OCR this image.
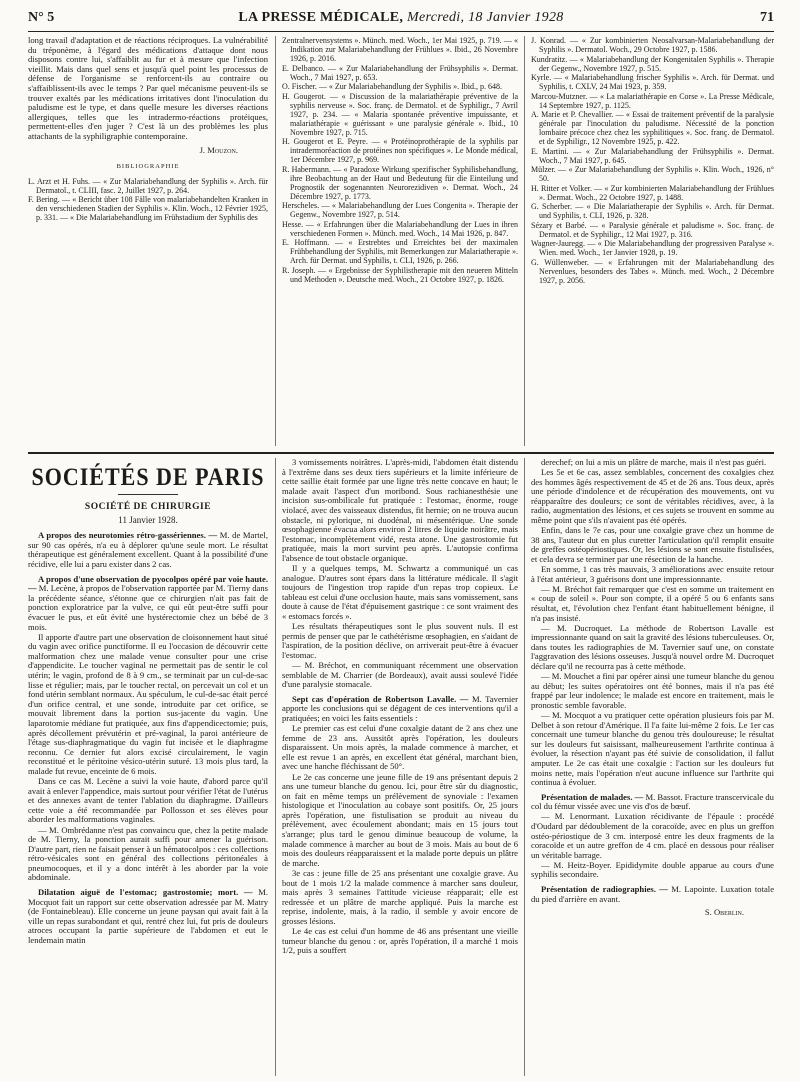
N° 5	LA PRESSE MÉDICALE, Mercredi, 18 Janvier 1928	71

long travail d'adaptation et de réactions réciproques. La vulnérabilité du tréponème, à l'égard des médications d'attaque dont nous disposons contre lui, s'affaiblit au fur et à mesure que l'infection vieillit. Mais dans quel sens et jusqu'à quel point les processus de défense de l'organisme se renforcent-ils au contraire ou s'affaiblissent-ils avec le temps ? Par quel mécanisme peuvent-ils se trouver exaltés par les médications irritatives dont l'inoculation du paludisme est le type, et dans quelle mesure les diverses réactions allergiques, telles que les intradermo-réactions protéiques, permettent-elles d'en juger ? C'est là un des problèmes les plus attachants de la syphiligraphie contemporaine.

J. Mouzon.
BIBLIOGRAPHIE

L. Arzt et H. Fuhs. — « Zur Malariabehandlung der Syphilis ». Arch. für Dermatol., t. CLIII, fasc. 2, Juillet 1927, p. 264.

F. Bering. — « Bericht über 108 Fälle von malariabehandelten Kranken in den verschiedenen Stadien der Syphilis ». Klin. Woch., 12 Février 1925, p. 331. — « Die Malariabehandlung im Frühstadium der Syphilis des

Zentralnervensystems ». Münch. med. Woch., 1er Mai 1925, p. 719. — « Indikation zur Malariabehandlung der Frühlues ». Ibid., 26 Novembre 1926, p. 2016.

E. Delbanco. — « Zur Malariabehandlung der Frühsyphilis ». Dermat. Woch., 7 Mai 1927, p. 653.

O. Fischer. — « Zur Malariabehandlung der Syphilis ». Ibid., p. 648.

H. Gougerot. — « Discussion de la malariathérapie préventive de la syphilis nerveuse ». Soc. franç. de Dermatol. et de Syphiligr., 7 Avril 1927, p. 234. — « Malaria spontanée préventive impuissante, et malariathérapie « guérissant » une paralysie générale ». Ibid., 10 Novembre 1927, p. 715.

H. Gougerot et E. Peyre. — « Protéinoprothérapie de la syphilis par intradermoréaction de protéines non spécifiques ». Le Monde médical, 1er Décembre 1927, p. 969.

R. Habermann. — « Paradoxe Wirkung spezifischer Syphilisbehandlung, ihre Beobachtung an der Haut und Bedeutung für die Einteilung und Prognostik der sogenannten Neurorezidiven ». Dermat. Woch., 24 Décembre 1927, p. 1773.

Herscheles. — « Malariabehandlung der Lues Congenita ». Therapie der Gegenw., Novembre 1927, p. 514.

Hesse. — « Erfahrungen über die Malariabehandlung der Lues in ihren verschiedenen Formen ». Münch. med. Woch., 14 Mai 1926, p. 847.

E. Hoffmann. — « Erstrebtes und Erreichtes bei der maximalen Frühbehandlung der Syphilis, mit Bemerkungen zur Malariatherapie ». Arch. für Dermat. und Syphilis, t. CLI, 1926, p. 266.

R. Joseph. — « Ergebnisse der Syphilistherapie mit den neueren Mitteln und Methoden ». Deutsche med. Woch., 21 Octobre 1927, p. 1826.

J. Konrad. — « Zur kombinierten Neosalvarsan-Malariabehandlung der Syphilis ». Dermatol. Woch., 29 Octobre 1927, p. 1586.

Kundratitz. — « Malariabehandlung der Kongenitalen Syphilis ». Therapie der Gegenw., Novembre 1927, p. 515.

Kyrle. — « Malariabehandlung frischer Syphilis ». Arch. für Dermat. und Syphilis, t. CXLV, 24 Mai 1923, p. 359.

Marcou-Mutzner. — « La malariathérapie en Corse ». La Presse Médicale, 14 Septembre 1927, p. 1125.

A. Marie et P. Chevallier. — « Essai de traitement préventif de la paralysie générale par l'inoculation du paludisme. Nécessité de la ponction lombaire précoce chez chez les syphilitiques ». Soc. franç. de Dermatol. et de Syphiligr., 12 Novembre 1925, p. 422.

E. Martini. — « Zur Malariabehandlung der Frühsyphilis ». Dermat. Woch., 7 Mai 1927, p. 645.

Mülzer. — « Zur Malariabehandlung der Syphilis ». Klin. Woch., 1926, n° 50.

H. Ritter et Volker. — « Zur kombinierten Malariabehandlung der Frühlues ». Dermat. Woch., 22 Octobre 1927, p. 1488.

G. Scherber. — « Die Malariatherapie der Syphilis ». Arch. für Dermat. und Syphilis, t. CLI, 1926, p. 328.

Sézary et Barbé. — « Paralysie générale et paludisme ». Soc. franç. de Dermatol. et de Syphiligr., 12 Mai 1927, p. 316.

Wagner-Jauregg. — « Die Malariabehandlung der progressiven Paralyse ». Wien. med. Woch., 1er Janvier 1928, p. 19.

G. Wüllenweber. — « Erfahrungen mit der Malariabehandlung des Nervenlues, besonders des Tabes ». Münch. med. Woch., 2 Décembre 1927, p. 2056.

SOCIÉTÉS DE PARIS
SOCIÉTÉ DE CHIRURGIE
11 Janvier 1928.

A propos des neurotomies rétro-gassériennes. — M. de Martel, sur 90 cas opérés, n'a eu à déplorer qu'une seule mort. Le résultat thérapeutique est généralement excellent. Quant à la possibilité d'une récidive, elle lui a paru exister dans 2 cas.

A propos d'une observation de pyocolpos opéré par voie haute. — M. Lecène, à propos de l'observation rapportée par M. Tierny dans la précédente séance, s'étonne que ce chirurgien n'ait pas fait de ponction exploratrice par la vulve, ce qui eût peut-être suffi pour évacuer le pus, et eût évité une hystérectomie chez un bébé de 3 mois.

Il apporte d'autre part une observation de cloisonnement haut situé du vagin avec orifice punctiforme. Il eu l'occasion de découvrir cette malformation chez une malade venue consulter pour une crise d'appendicite. Le toucher vaginal ne permettait pas de sentir le col utérin; le vagin, profond de 8 à 9 cm., se terminait par un cul-de-sac lisse et régulier; mais, par le toucher rectal, on percevait un col et un fond utérin semblant normaux. Au spéculum, le cul-de-sac était percé d'un orifice central, et une sonde, introduite par cet orifice, se mouvait librement dans la portion sus-jacente du vagin. Une laparotomie médiane fut pratiquée, aux fins d'appendicectomie; puis, après décollement prévutérin et pré-vaginal, la paroi antérieure de l'étage sus-diaphragmatique du vagin fut incisée et le diaphragme reconnu. Ce dernier fut alors excisé circulairement, le vagin reconstitué et le péritoine vésico-utérin suturé. 13 mois plus tard, la malade fut revue, enceinte de 6 mois.

Dans ce cas M. Lecène a suivi la voie haute, d'abord parce qu'il avait à enlever l'appendice, mais surtout pour vérifier l'état de l'utérus et des annexes avant de tenter l'ablation du diaphragme. D'ailleurs cette voie a été recommandée par Pollosson et ses élèves pour aborder les malformations vaginales.

— M. Ombrédanne n'est pas convaincu que, chez la petite malade de M. Tierny, la ponction aurait suffi pour amener la guérison. D'autre part, rien ne faisait penser à un hématocolpos : ces collections rétro-vésicales sont en général des collections péritonéales à pneumocoques, et il y a donc intérêt à les aborder par la voie abdominale.

Dilatation aiguë de l'estomac; gastrostomie; mort. — M. Mocquot fait un rapport sur cette observation adressée par M. Matry (de Fontainebleau). Elle concerne un jeune paysan qui avait fait à la ville un repas surabondant et qui, rentré chez lui, fut pris de douleurs atroces occupant la partie supérieure de l'abdomen et eut le lendemain matin

3 vomissements noirâtres. L'après-midi, l'abdomen était distendu à l'extrême dans ses deux tiers supérieurs et la limite inférieure de cette saillie était formée par une ligne très nette concave en haut; le malade avait l'aspect d'un moribond. Sous rachianesthésie une incision sus-ombilicale fut pratiquée : l'estomac, énorme, rouge violacé, avec des vaisseaux distendus, fit hernie; on ne trouva aucun obstacle, ni pylorique, ni duodénal, ni mésentérique. Une sonde œsophagienne évacua alors environ 2 litres de liquide noirâtre, mais l'estomac, incomplètement vidé, resta atone. Une gastrostomie fut pratiquée, mais la mort survint peu après. L'autopsie confirma l'absence de tout obstacle organique.

Il y a quelques temps, M. Schwartz a communiqué un cas analogue. D'autres sont épars dans la littérature médicale. Il s'agit toujours de l'ingestion trop rapide d'un repas trop copieux. Le tableau est celui d'une occlusion haute, mais sans vomissement, sans doute à cause de l'état d'épuisement gastrique : ce sont vraiment des « estomacs forcés ».

Les résultats thérapeutiques sont le plus souvent nuls. Il est permis de penser que par le cathétérisme œsophagien, en s'aidant de l'aspiration, de la position déclive, on arriverait peut-être à évacuer l'estomac.

— M. Bréchot, en communiquant récemment une observation semblable de M. Charrier (de Bordeaux), avait aussi soulevé l'idée d'une paralysie stomacale.

Sept cas d'opération de Robertson Lavalle. — M. Tavernier apporte les conclusions qui se dégagent de ces interventions qu'il a pratiquées; en voici les faits essentiels :

Le premier cas est celui d'une coxalgie datant de 2 ans chez une femme de 23 ans. Aussitôt après l'opération, les douleurs disparaissent. Un mois après, la malade commence à marcher, et elle est revue 1 an après, en excellent état général, marchant bien, avec une hanche fléchissant de 50°.

Le 2e cas concerne une jeune fille de 19 ans présentant depuis 2 ans une tumeur blanche du genou. Ici, pour être sûr du diagnostic, on fait en même temps un prélèvement de synoviale : l'examen histologique et l'inoculation au cobaye sont positifs. Or, 25 jours après l'opération, une fistulisation se produit au niveau du prélèvement, avec écoulement abondant; mais en 15 jours tout s'arrange; plus tard le genou diminue beaucoup de volume, la malade commence à marcher au bout de 3 mois. Mais au bout de 6 mois des douleurs réapparaissent et la malade porte depuis un plâtre de marche.

3e cas : jeune fille de 25 ans présentant une coxalgie grave. Au bout de 1 mois 1/2 la malade commence à marcher sans douleur, mais après 3 semaines l'attitude vicieuse réapparait; elle est redressée et un plâtre de marche appliqué. Puis la marche est reprise, indolente, mais, à la radio, il semble y avoir encore de grosses lésions.

Le 4e cas est celui d'un homme de 46 ans présentant une vieille tumeur blanche du genou : or, après l'opération, il a marché 1 mois 1/2, puis a souffert

derechef; on lui a mis un plâtre de marche, mais il n'est pas guéri.

Les 5e et 6e cas, assez semblables, concernent des coxalgies chez des hommes âgés respectivement de 45 et de 26 ans. Tous deux, après une période d'indolence et de récupération des mouvements, ont vu réapparaître des douleurs; ce sont de véritables récidives, avec, à la radio, augmentation des lésions, et ces sujets se trouvent en somme au même point que s'ils n'avaient pas été opérés.

Enfin, dans le 7e cas, pour une coxalgie grave chez un homme de 38 ans, l'auteur dut en plus curetter l'articulation qu'il remplit ensuite de greffes ostéopériostiques. Or, les lésions se sont ensuite fistulisées, et cela devra se terminer par une résection de la hanche.

En somme, 1 cas très mauvais, 3 améliorations avec ensuite retour à l'état antérieur, 3 guérisons dont une impressionnante.

— M. Bréchot fait remarquer que c'est en somme un traitement en « coup de soleil ». Pour son compte, il a opéré 5 ou 6 enfants sans résultat, et, l'évolution chez l'enfant étant habituellement bénigne, il n'a pas insisté.

— M. Ducroquet. La méthode de Robertson Lavalle est impressionnante quand on sait la gravité des lésions tuberculeuses. Or, dans toutes les radiographies de M. Tavernier sauf une, on constate l'aggravation des lésions osseuses. Jusqu'à nouvel ordre M. Ducroquet déclare qu'il ne recourra pas à cette méthode.

— M. Mouchet a fini par opérer ainsi une tumeur blanche du genou au début; les suites opératoires ont été bonnes, mais il n'a pas été frappé par leur indolence; le malade est encore en traitement, mais le pronostic semble favorable.

— M. Mocquot a vu pratiquer cette opération plusieurs fois par M. Delbet à son retour d'Amérique. Il l'a faite lui-même 2 fois. Le 1er cas concernait une tumeur blanche du genou très douloureuse; le résultat sur les douleurs fut saisissant, malheureusement l'arthrite continua à évoluer, la résection n'ayant pas été suivie de consolidation, il fallut amputer. Le 2e cas était une coxalgie : l'action sur les douleurs fut moins nette, mais l'opération n'eut aucune influence sur l'arthrite qui continua à évoluer.

Présentation de malades. — M. Bassot. Fracture transcervicale du col du fémur vissée avec une vis d'os de bœuf.

— M. Lenormant. Luxation récidivante de l'épaule : procédé d'Oudard par dédoublement de la coracoïde, avec en plus un greffon ostéo-périostique de 3 cm. interposé entre les deux fragments de la coracoïde et un autre greffon de 4 cm. placé en dessous pour réaliser un véritable barrage.

— M. Heitz-Boyer. Epididymite double apparue au cours d'une syphilis secondaire.

Présentation de radiographies. — M. Lapointe. Luxation totale du pied d'arrière en avant.

S. Oberlin.
